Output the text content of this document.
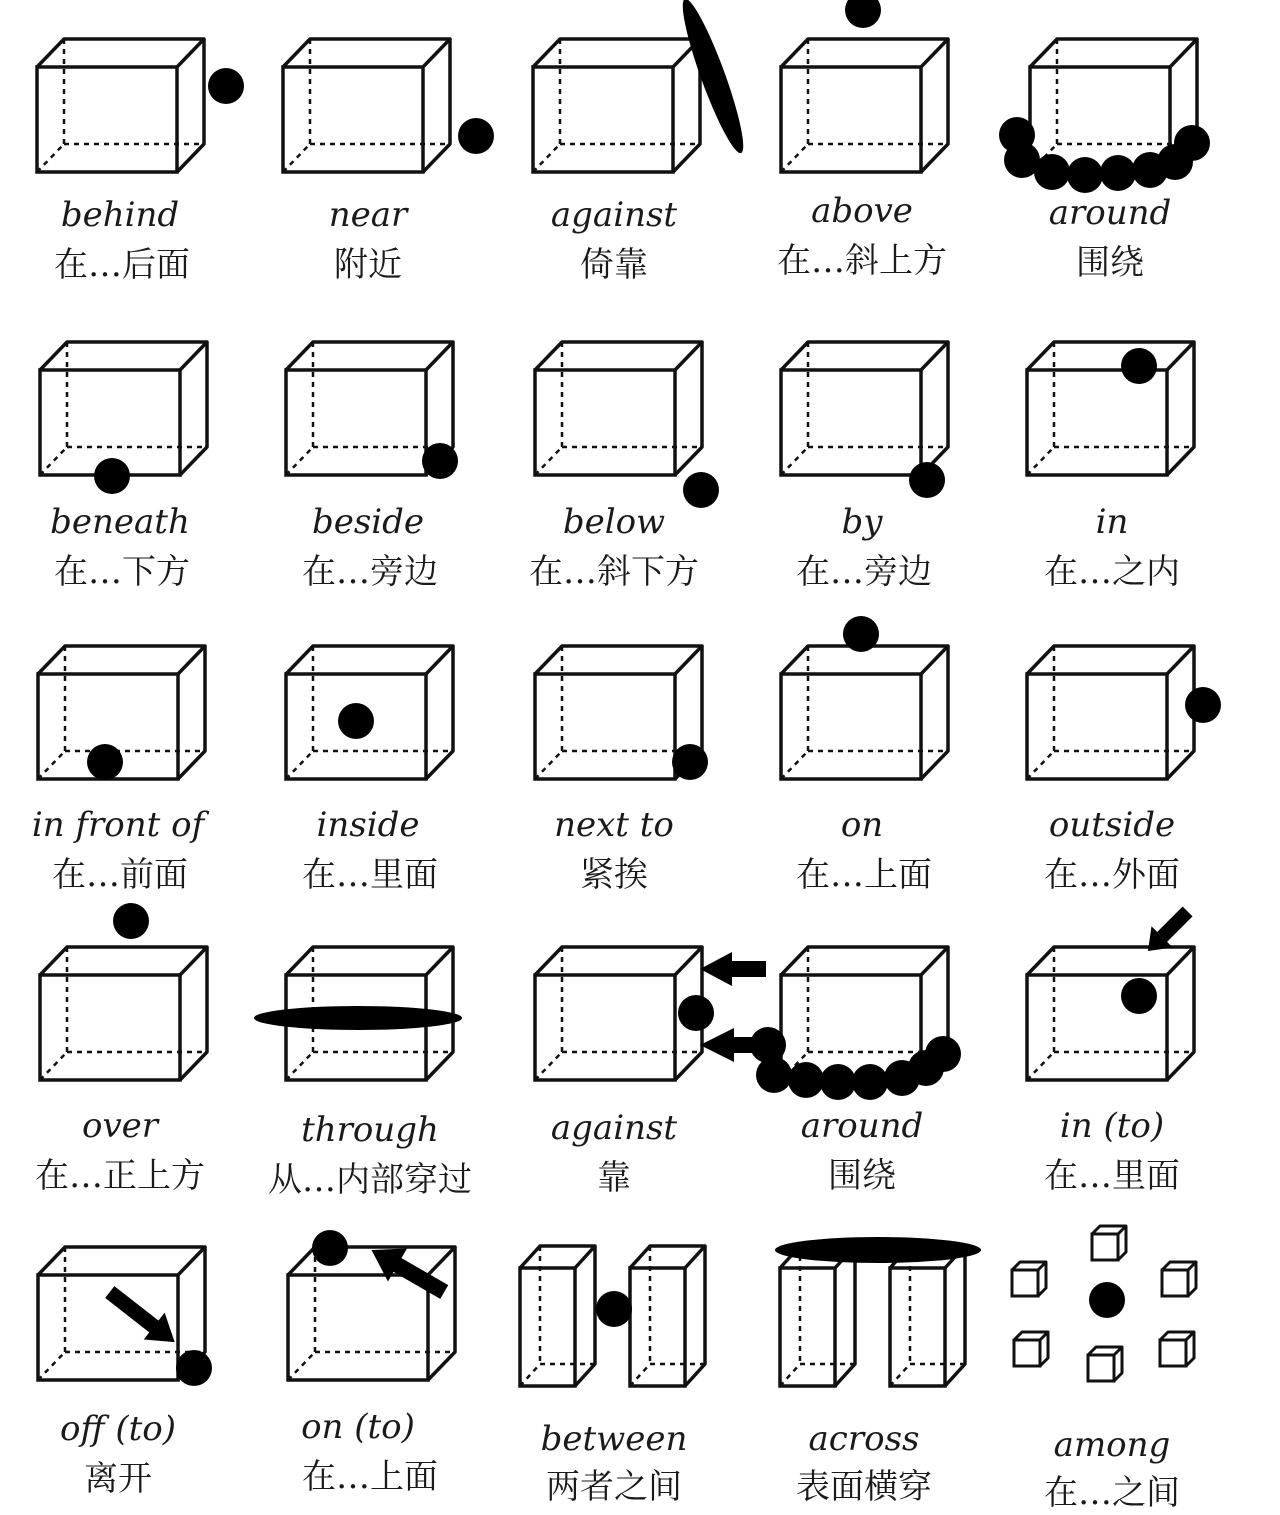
behind
在…后面
near
附近
against
倚靠
above
在…斜上方
around
围绕
beneath
在…下方
beside
在…旁边
below
在…斜下方
by
在…旁边
in
在…之内
in front of
在…前面
inside
在…里面
next to
紧挨
on
在…上面
outside
在…外面
over
在…正上方
through
从…内部穿过
against
靠
around
围绕
in (to)
在…里面
off (to)
离开
on (to)
在…上面
between
两者之间
across
表面横穿
among
在…之间
